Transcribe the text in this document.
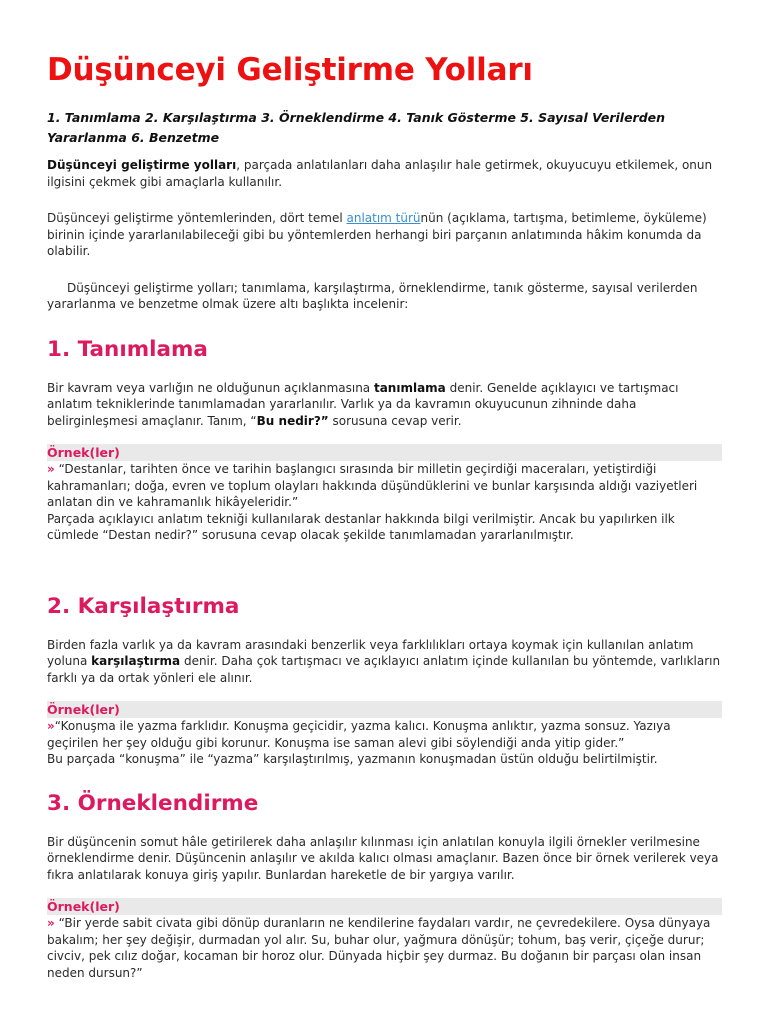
Düşünceyi Geliştirme Yolları
1. Tanımlama 2. Karşılaştırma 3. Örneklendirme 4. Tanık Gösterme 5. Sayısal Verilerden Yararlanma 6. Benzetme

Düşünceyi geliştirme yolları, parçada anlatılanları daha anlaşılır hale getirmek, okuyucuyu etkilemek, onun ilgisini çekmek gibi amaçlarla kullanılır.

Düşünceyi geliştirme yöntemlerinden, dört temel anlatım türünün (açıklama, tartışma, betimleme, öyküleme) birinin içinde yararlanılabileceği gibi bu yöntemlerden herhangi biri parçanın anlatımında hâkim konumda da olabilir.

Düşünceyi geliştirme yolları; tanımlama, karşılaştırma, örneklendirme, tanık gösterme, sayısal verilerden yararlanma ve benzetme olmak üzere altı başlıkta incelenir:

1. Tanımlama

Bir kavram veya varlığın ne olduğunun açıklanmasına tanımlama denir. Genelde açıklayıcı ve tartışmacı anlatım tekniklerinde tanımlamadan yararlanılır. Varlık ya da kavramın okuyucunun zihninde daha belirginleşmesi amaçlanır. Tanım, “Bu nedir?” sorusuna cevap verir.

Örnek(ler)
» “Destanlar, tarihten önce ve tarihin başlangıcı sırasında bir milletin geçirdiği maceraları, yetiştirdiği kahramanları; doğa, evren ve toplum olayları hakkında düşündüklerini ve bunlar karşısında aldığı vaziyetleri anlatan din ve kahramanlık hikâyeleridir.”
Parçada açıklayıcı anlatım tekniği kullanılarak destanlar hakkında bilgi verilmiştir. Ancak bu yapılırken ilk cümlede “Destan nedir?” sorusuna cevap olacak şekilde tanımlamadan yararlanılmıştır.
2. Karşılaştırma

Birden fazla varlık ya da kavram arasındaki benzerlik veya farklılıkları ortaya koymak için kullanılan anlatım yoluna karşılaştırma denir. Daha çok tartışmacı ve açıklayıcı anlatım içinde kullanılan bu yöntemde, varlıkların farklı ya da ortak yönleri ele alınır.

Örnek(ler)
»“Konuşma ile yazma farklıdır. Konuşma geçicidir, yazma kalıcı. Konuşma anlıktır, yazma sonsuz. Yazıya geçirilen her şey olduğu gibi korunur. Konuşma ise saman alevi gibi söylendiği anda yitip gider.”
Bu parçada “konuşma” ile “yazma” karşılaştırılmış, yazmanın konuşmadan üstün olduğu belirtilmiştir.
3. Örneklendirme

Bir düşüncenin somut hâle getirilerek daha anlaşılır kılınması için anlatılan konuyla ilgili örnekler verilmesine örneklendirme denir. Düşüncenin anlaşılır ve akılda kalıcı olması amaçlanır. Bazen önce bir örnek verilerek veya fıkra anlatılarak konuya giriş yapılır. Bunlardan hareketle de bir yargıya varılır.

Örnek(ler)
» “Bir yerde sabit civata gibi dönüp duranların ne kendilerine faydaları vardır, ne çevredekilere. Oysa dünyaya bakalım; her şey değişir, durmadan yol alır. Su, buhar olur, yağmura dönüşür; tohum, baş verir, çiçeğe durur; civciv, pek cılız doğar, kocaman bir horoz olur. Dünyada hiçbir şey durmaz. Bu doğanın bir parçası olan insan neden dursun?”
